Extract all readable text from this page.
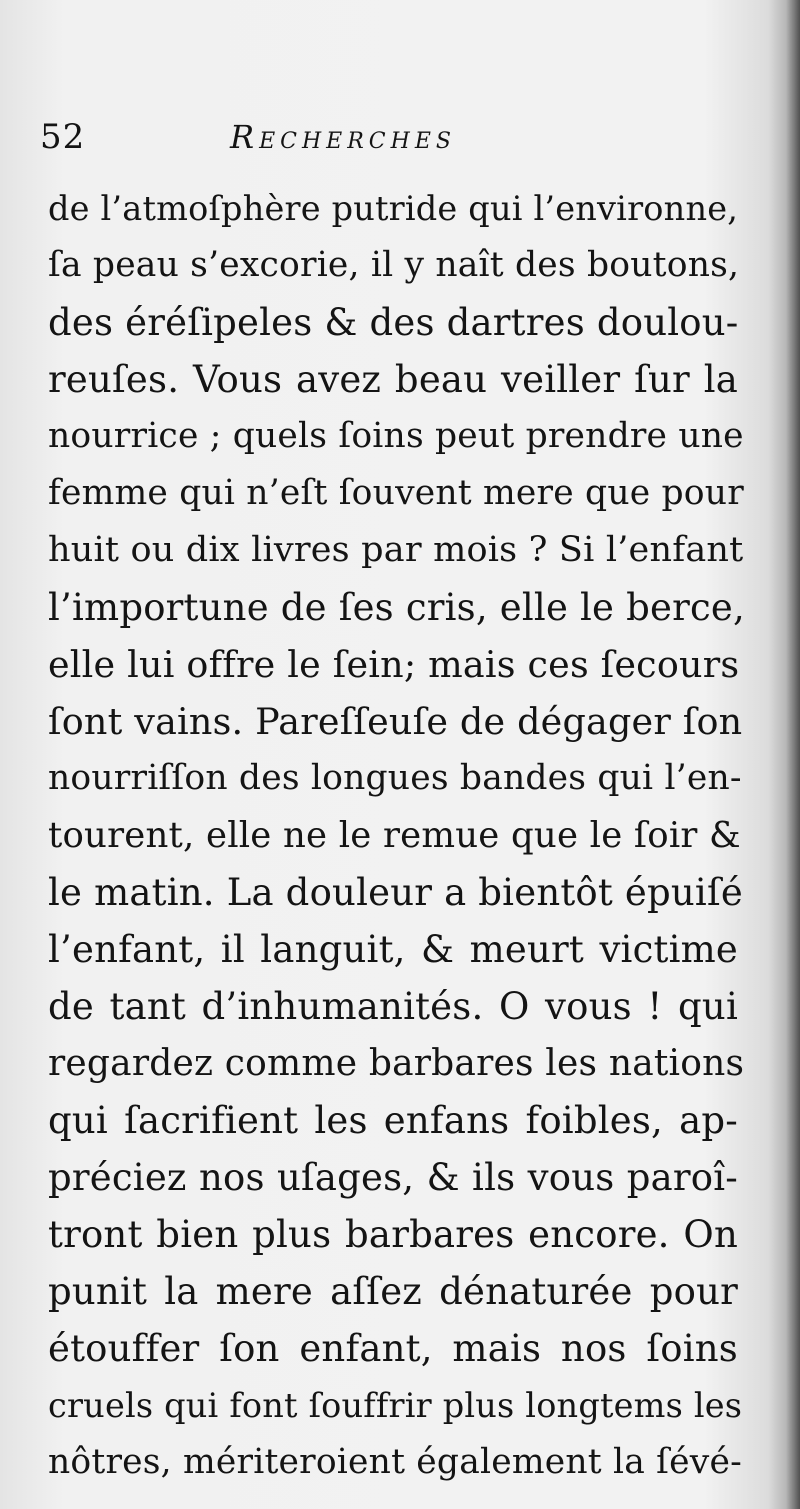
52	Recherches
de l’atmoſphère putride qui l’environne,
ſa peau s’excorie, il y naît des boutons,
des éréſipeles & des dartres doulou-
reuſes. Vous avez beau veiller ſur la
nourrice ; quels ſoins peut prendre une
femme qui n’eſt ſouvent mere que pour
huit ou dix livres par mois ? Si l’enfant
l’importune de ſes cris, elle le berce,
elle lui offre le ſein; mais ces ſecours
ſont vains. Pareſſeuſe de dégager ſon
nourriſſon des longues bandes qui l’en-
tourent, elle ne le remue que le ſoir &
le matin. La douleur a bientôt épuiſé
l’enfant, il languit, & meurt victime
de tant d’inhumanités. O vous ! qui
regardez comme barbares les nations
qui ſacrifient les enfans foibles, ap-
préciez nos uſages, & ils vous paroî-
tront bien plus barbares encore. On
punit la mere aſſez dénaturée pour
étouffer ſon enfant, mais nos ſoins
cruels qui font ſouffrir plus longtems les
nôtres, mériteroient également la ſévé-
